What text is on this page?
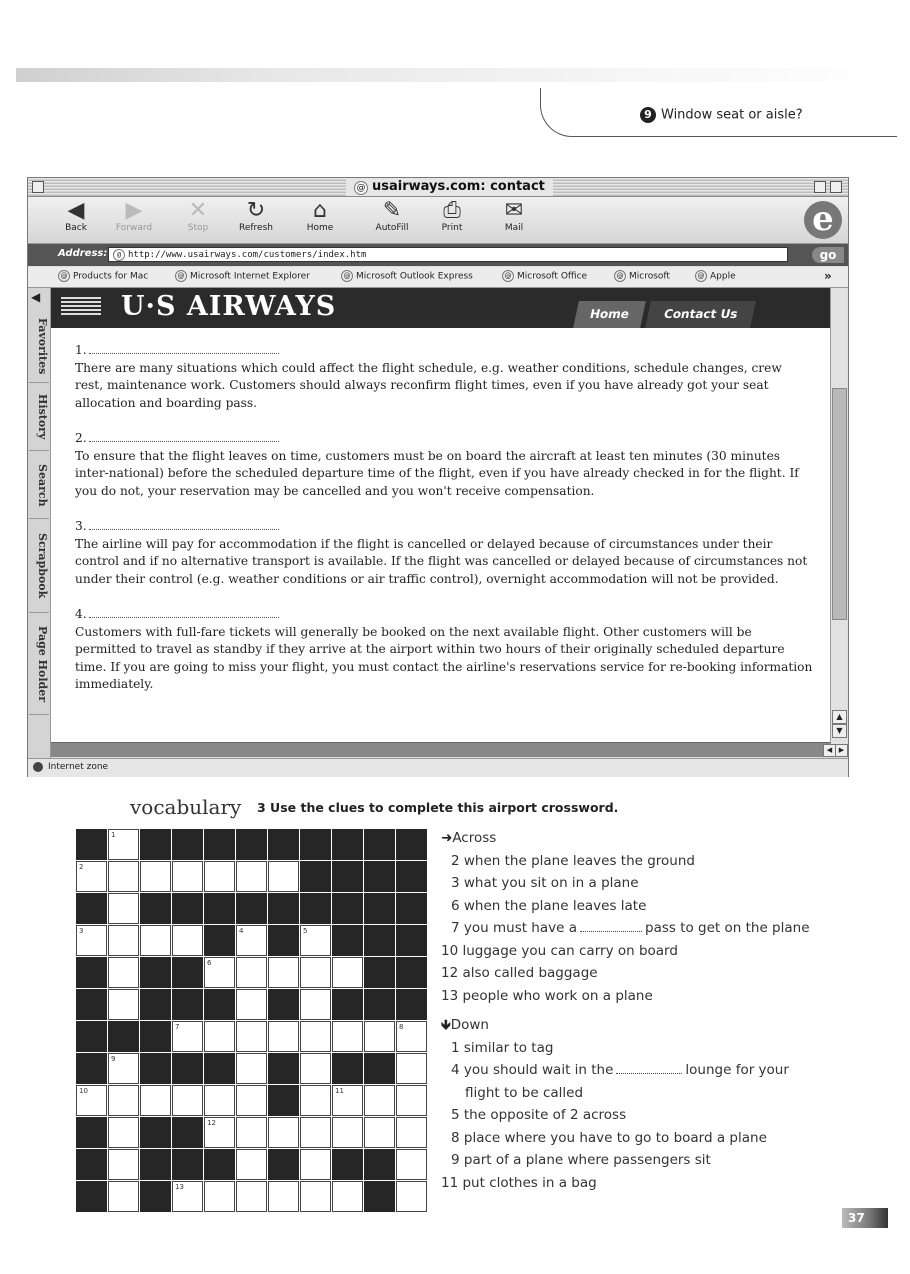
9 Window seat or aisle?
@ usairways.com: contact
◀
Back
▶
Forward
✕
Stop
↻
Refresh
⌂
Home
✎
AutoFill
⎙
Print
✉
Mail	e
Address:	@ http://www.usairways.com/customers/index.htm	go
@ Products for Mac	@ Microsoft Internet Explorer	@ Microsoft Outlook Express	@ Microsoft Office	@ Microsoft	@ Apple	»
◀
Favorites
History
Search
Scrapbook
Page Holder
U·S AIRWAYS	Home	Contact Us
1.
There are many situations which could affect the flight schedule, e.g. weather conditions, schedule changes, crew rest, maintenance work. Customers should always reconfirm flight times, even if you have already got your seat allocation and boarding pass.
2.
To ensure that the flight leaves on time, customers must be on board the aircraft at least ten minutes (30 minutes inter-national) before the scheduled departure time of the flight, even if you have already checked in for the flight. If you do not, your reservation may be cancelled and you won't receive compensation.
3.
The airline will pay for accommodation if the flight is cancelled or delayed because of circumstances under their control and if no alternative transport is available. If the flight was cancelled or delayed because of circumstances not under their control (e.g. weather conditions or air traffic control), overnight accommodation will not be provided.
4.
Customers with full-fare tickets will generally be booked on the next available flight. Other customers will be permitted to travel as standby if they arrive at the airport within two hours of their originally scheduled departure time. If you are going to miss your flight, you must contact the airline's reservations service for re-booking information immediately.
▲
▼
◀ ▶
Internet zone
vocabulary 3 Use the clues to complete this airport crossword.
1
2
3	4	5
6
7	8
9
10	11
12
13
➜Across
2 when the plane leaves the ground
3 what you sit on in a plane
6 when the plane leaves late
7 you must have a	pass to get on the plane
10 luggage you can carry on board
12 also called baggage
13 people who work on a plane
🡻Down
1 similar to tag
4 you should wait in the	lounge for your
flight to be called
5 the opposite of 2 across
8 place where you have to go to board a plane
9 part of a plane where passengers sit
11 put clothes in a bag
37
